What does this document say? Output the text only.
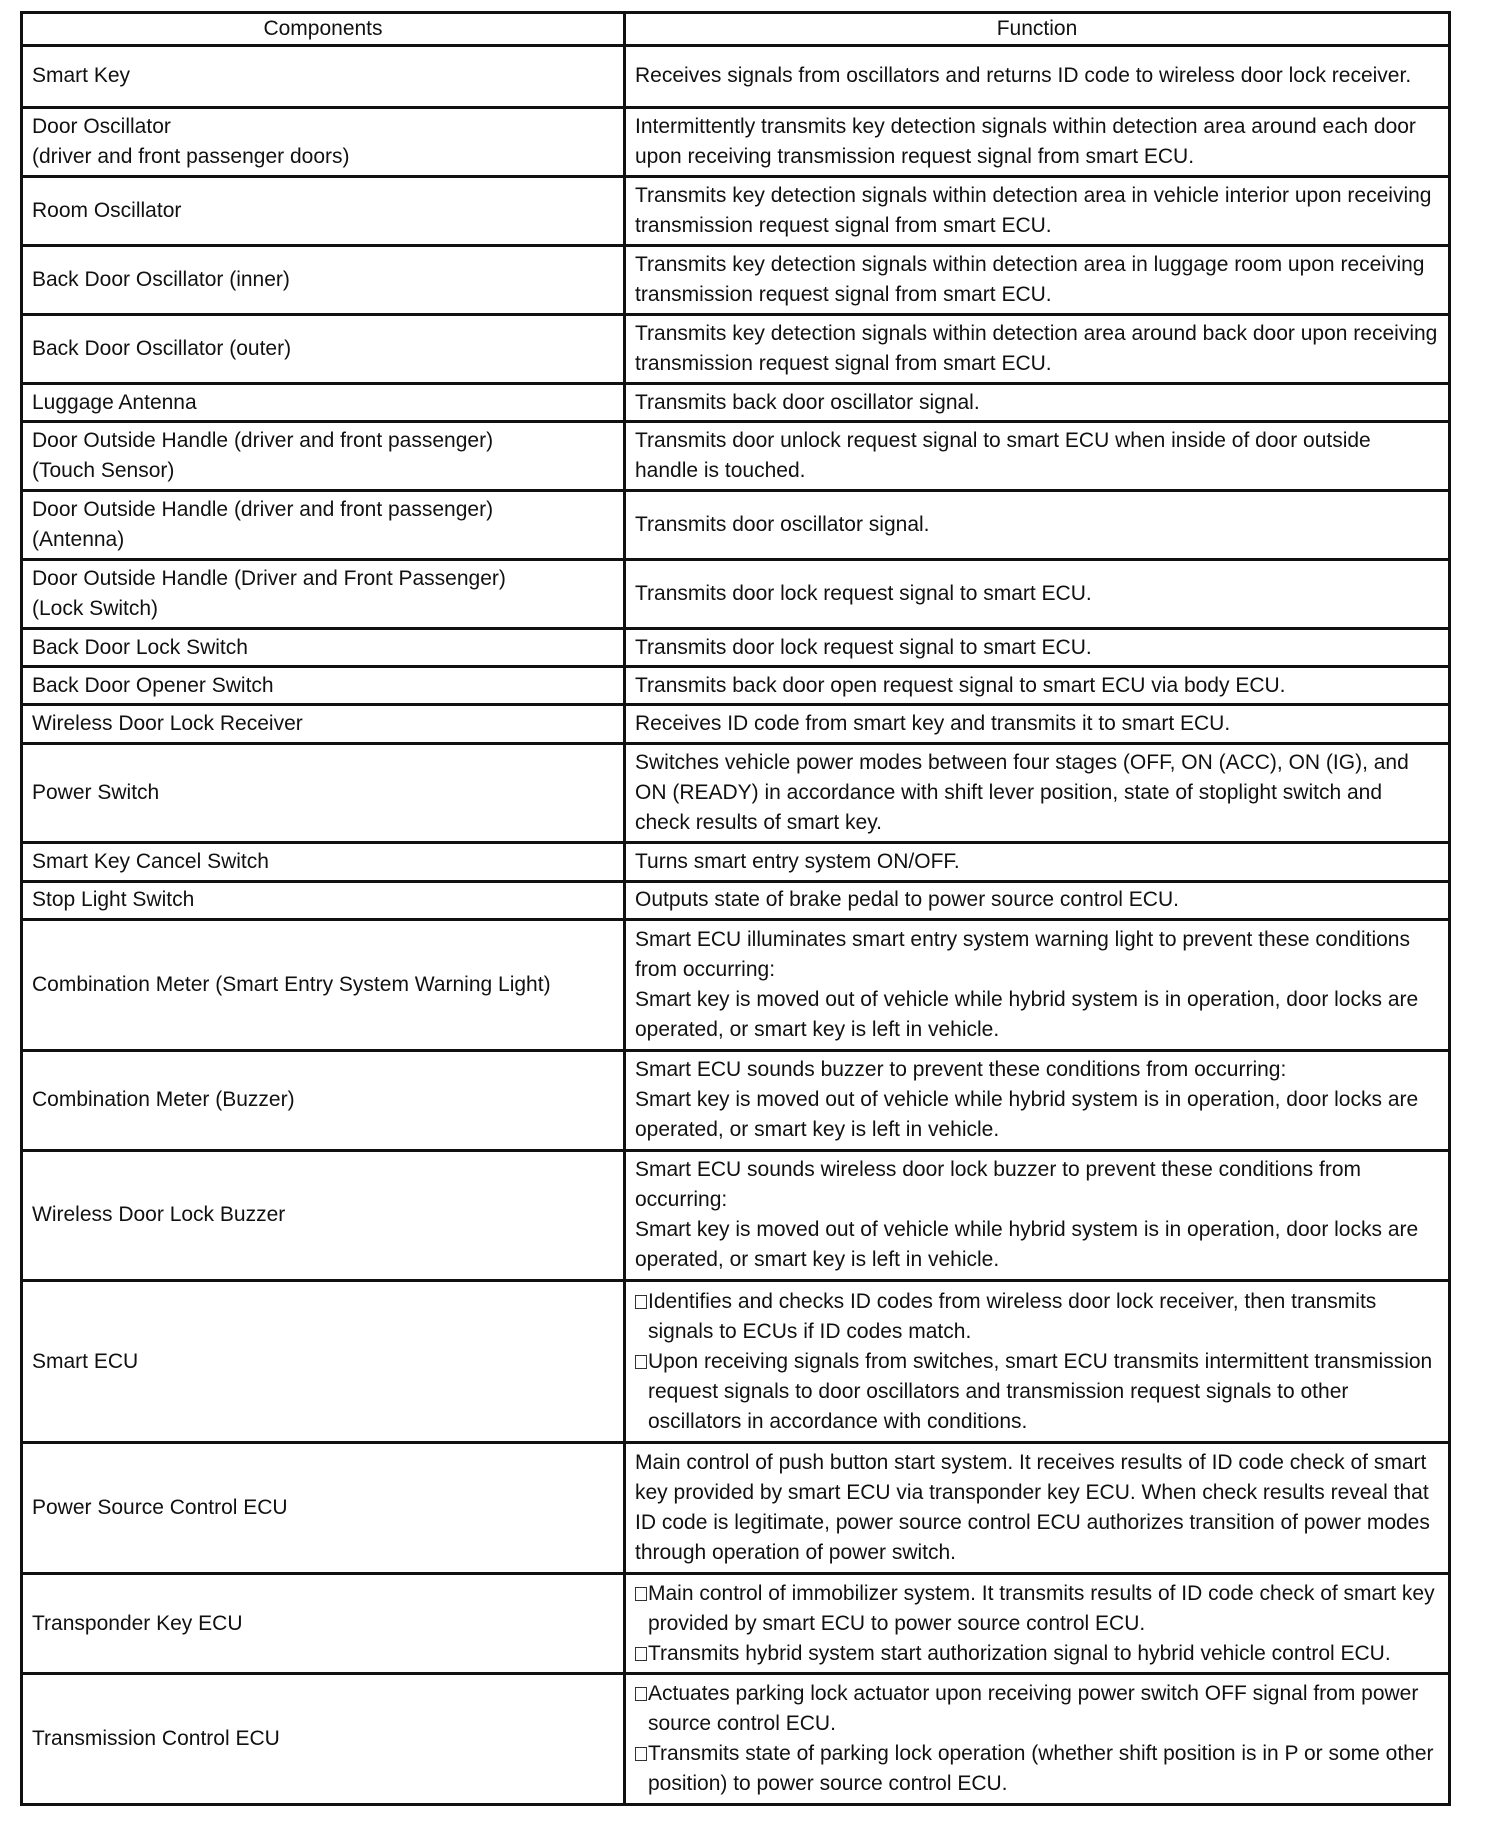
Components	Function

Smart Key	Receives signals from oscillators and returns ID code to wireless door lock receiver.

Door Oscillator
(driver and front passenger doors)	Intermittently transmits key detection signals within detection area around each door upon receiving transmission request signal from smart ECU.

Room Oscillator	Transmits key detection signals within detection area in vehicle interior upon receiving transmission request signal from smart ECU.

Back Door Oscillator (inner)	Transmits key detection signals within detection area in luggage room upon receiving transmission request signal from smart ECU.

Back Door Oscillator (outer)	Transmits key detection signals within detection area around back door upon receiving transmission request signal from smart ECU.

Luggage Antenna	Transmits back door oscillator signal.

Door Outside Handle (driver and front passenger)
(Touch Sensor)	Transmits door unlock request signal to smart ECU when inside of door outside handle is touched.

Door Outside Handle (driver and front passenger)
(Antenna)	Transmits door oscillator signal.

Door Outside Handle (Driver and Front Passenger)
(Lock Switch)	Transmits door lock request signal to smart ECU.

Back Door Lock Switch	Transmits door lock request signal to smart ECU.

Back Door Opener Switch	Transmits back door open request signal to smart ECU via body ECU.

Wireless Door Lock Receiver	Receives ID code from smart key and transmits it to smart ECU.

Power Switch	Switches vehicle power modes between four stages (OFF, ON (ACC), ON (IG), and ON (READY) in accordance with shift lever position, state of stoplight switch and check results of smart key.

Smart Key Cancel Switch	Turns smart entry system ON/OFF.

Stop Light Switch	Outputs state of brake pedal to power source control ECU.

Combination Meter (Smart Entry System Warning Light)	Smart ECU illuminates smart entry system warning light to prevent these conditions from occurring:
Smart key is moved out of vehicle while hybrid system is in operation, door locks are operated, or smart key is left in vehicle.

Combination Meter (Buzzer)	Smart ECU sounds buzzer to prevent these conditions from occurring:
Smart key is moved out of vehicle while hybrid system is in operation, door locks are operated, or smart key is left in vehicle.

Wireless Door Lock Buzzer	Smart ECU sounds wireless door lock buzzer to prevent these conditions from occurring:
Smart key is moved out of vehicle while hybrid system is in operation, door locks are operated, or smart key is left in vehicle.

Smart ECU	Identifies and checks ID codes from wireless door lock receiver, then transmits signals to ECUs if ID codes match.
Upon receiving signals from switches, smart ECU transmits intermittent transmission request signals to door oscillators and transmission request signals to other oscillators in accordance with conditions.

Power Source Control ECU	Main control of push button start system. It receives results of ID code check of smart key provided by smart ECU via transponder key ECU. When check results reveal that ID code is legitimate, power source control ECU authorizes transition of power modes through operation of power switch.

Transponder Key ECU	Main control of immobilizer system. It transmits results of ID code check of smart key provided by smart ECU to power source control ECU.
Transmits hybrid system start authorization signal to hybrid vehicle control ECU.

Transmission Control ECU	Actuates parking lock actuator upon receiving power switch OFF signal from power source control ECU.
Transmits state of parking lock operation (whether shift position is in P or some other position) to power source control ECU.
